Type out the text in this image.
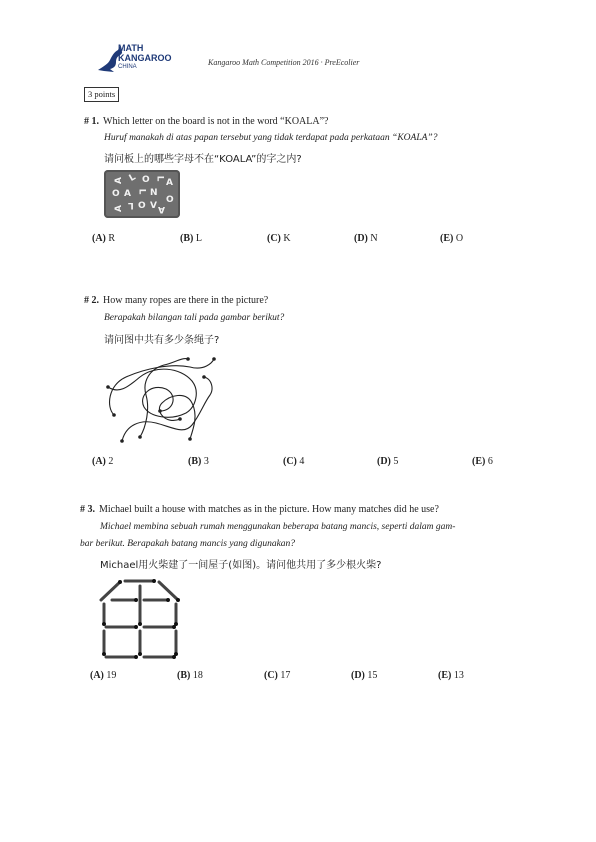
MATH
KANGAROO
CHINA	Kangaroo Math Competition 2016 · PreEcolier
3 points
# 1. Which letter on the board is not in the word “KOALA”?
Huruf manakah di atas papan tersebut yang tidak terdapat pada perkataan “KOALA”?
请问板上的哪些字母不在“KOALA”的字之内?
A L O A
L
O A L N
O
L
A O V A
(A) R	(B) L	(C) K	(D) N	(E) O
# 2. How many ropes are there in the picture?
Berapakah bilangan tali pada gambar berikut?
请问图中共有多少条绳子?
(A) 2	(B) 3	(C) 4	(D) 5	(E) 6
# 3. Michael built a house with matches as in the picture. How many matches did he use?
Michael membina sebuah rumah menggunakan beberapa batang mancis, seperti dalam gam-
bar berikut. Berapakah batang mancis yang digunakan?
Michael用火柴建了一间屋子(如图)。请问他共用了多少根火柴?
(A) 19	(B) 18	(C) 17	(D) 15	(E) 13
